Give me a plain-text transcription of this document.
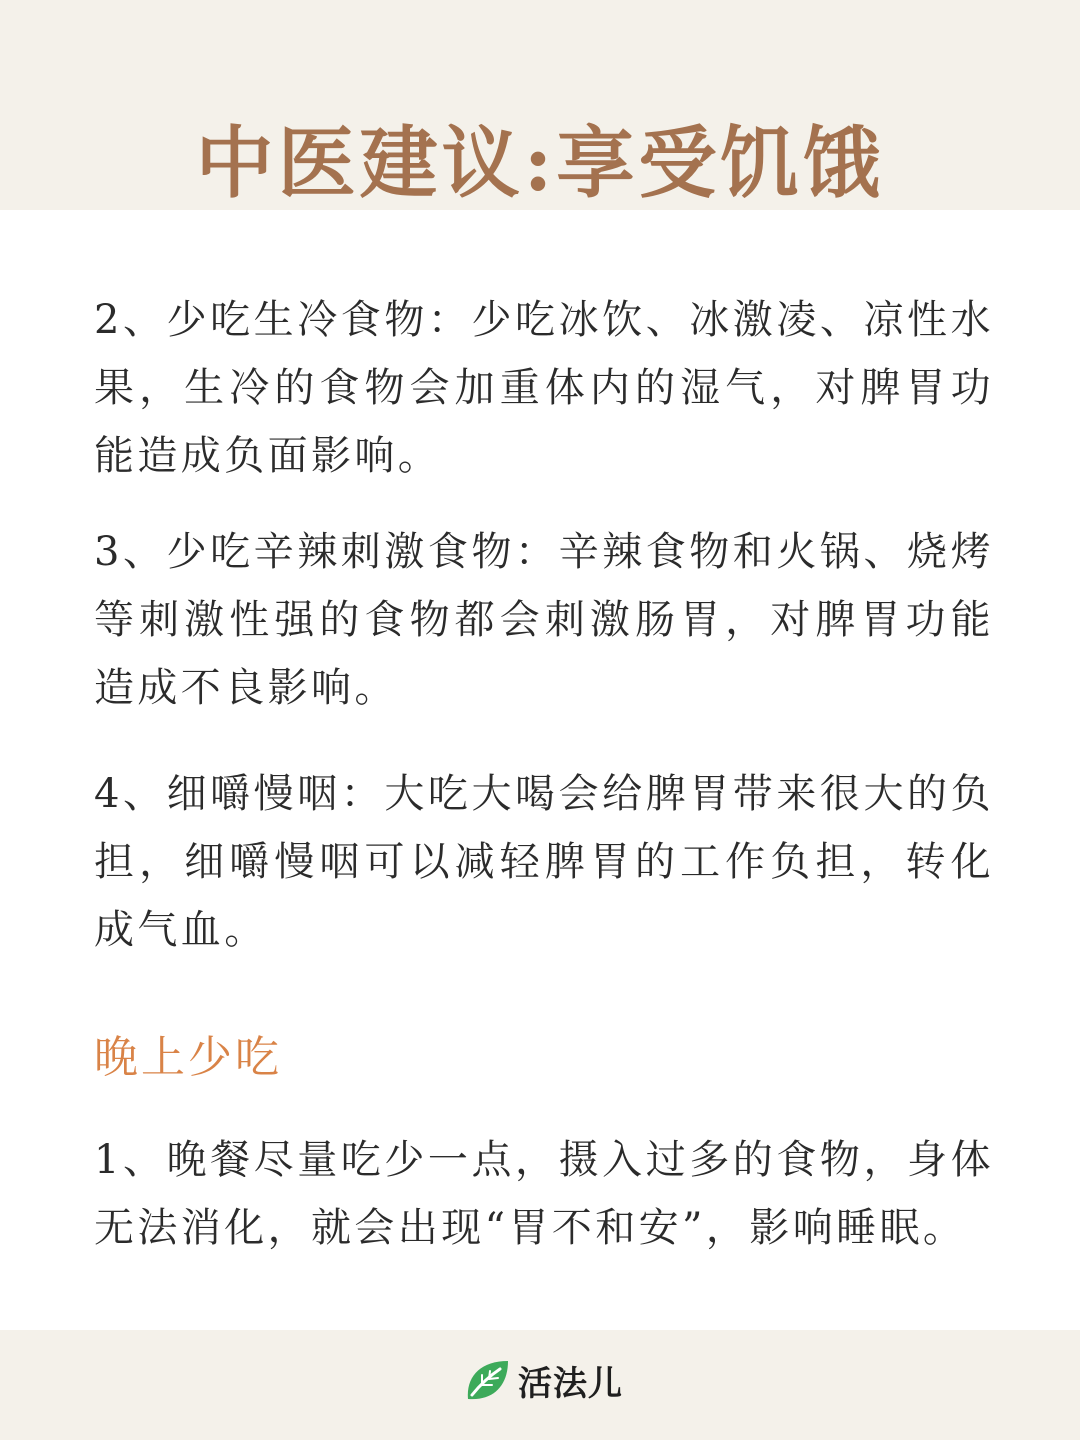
中医建议:享受饥饿

2、少吃生冷食物：少吃冰饮、冰激凌、凉性水果，生冷的食物会加重体内的湿气，对脾胃功能造成负面影响。

3、少吃辛辣刺激食物：辛辣食物和火锅、烧烤等刺激性强的食物都会刺激肠胃，对脾胃功能造成不良影响。

4、细嚼慢咽：大吃大喝会给脾胃带来很大的负担，细嚼慢咽可以减轻脾胃的工作负担，转化成气血。

晚上少吃

1、晚餐尽量吃少一点，摄入过多的食物，身体无法消化，就会出现“胃不和安”，影响睡眠。

活法儿
